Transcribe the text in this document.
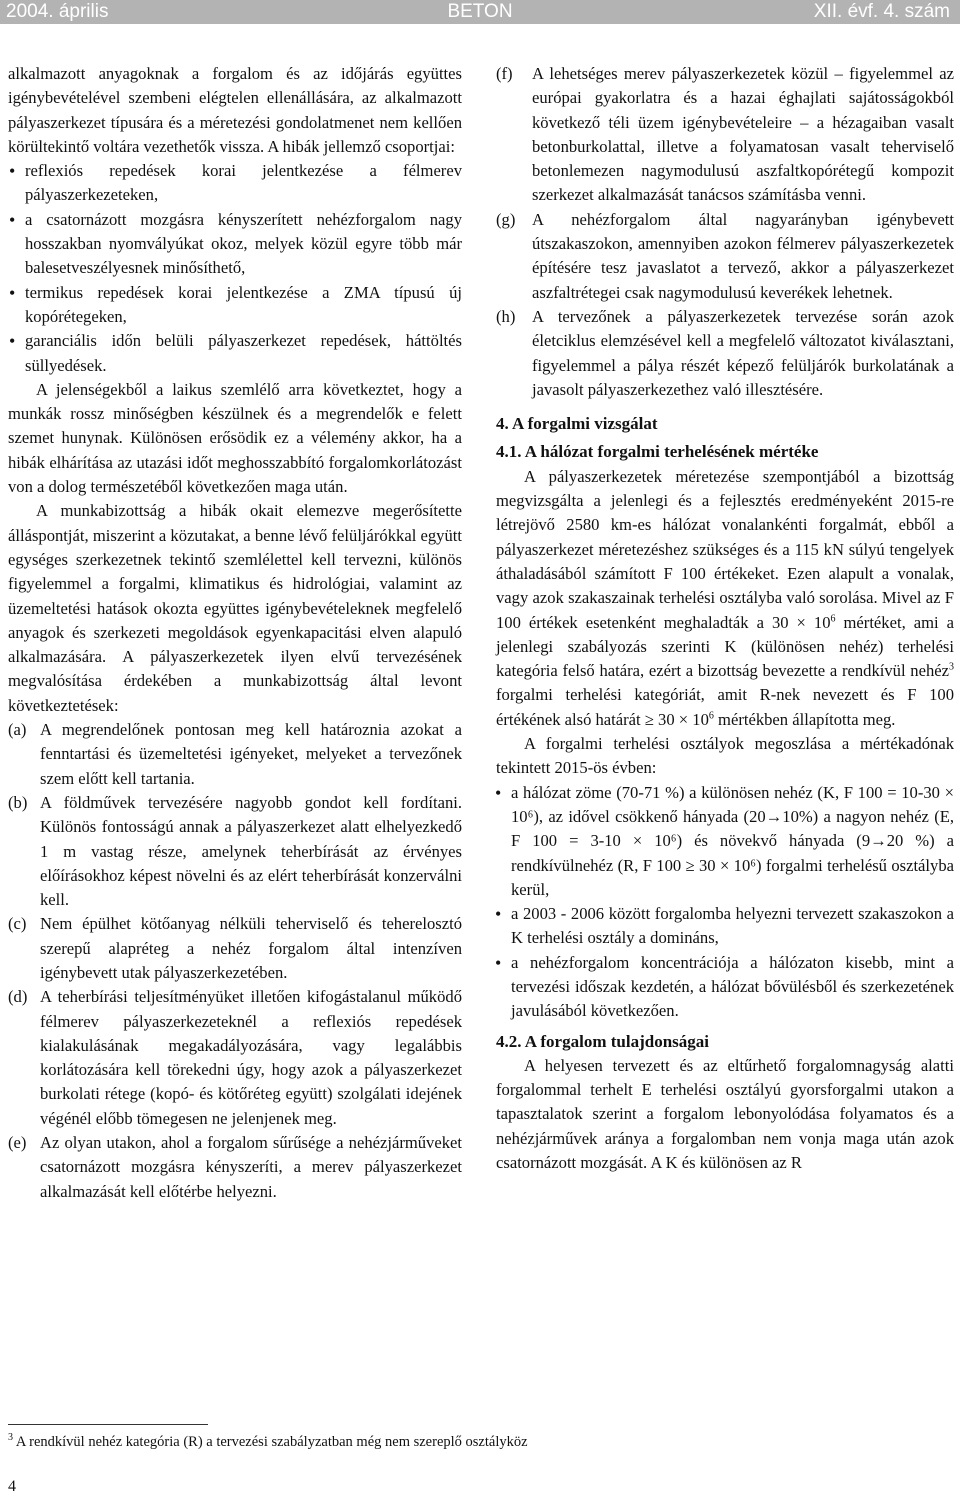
2004. április	BETON	XII. évf. 4. szám

alkalmazott anyagoknak a forgalom és az időjárás együttes igénybevételével szembeni elégtelen ellenállására, az alkalmazott pályaszerkezet típusára és a méretezési gondolatmenet nem kellően körültekintő voltára vezethetők vissza. A hibák jellemző csoportjai:

• reflexiós repedések korai jelentkezése a félmerev pályaszerkezeteken,
• a csatornázott mozgásra kényszerített nehézforgalom nagy hosszakban nyomvályúkat okoz, melyek közül egyre több már balesetveszélyesnek minősíthető,
• termikus repedések korai jelentkezése a ZMA típusú új kopórétegeken,
• garanciális időn belüli pályaszerkezet repedések, háttöltés süllyedések.

A jelenségekből a laikus szemlélő arra következtet, hogy a munkák rossz minőségben készülnek és a megrendelők e felett szemet hunynak. Különösen erősödik ez a vélemény akkor, ha a hibák elhárítása az utazási időt meghosszabbító forgalomkorlátozást von a dolog természetéből következően maga után.

A munkabizottság a hibák okait elemezve megerősítette álláspontját, miszerint a közutakat, a benne lévő felüljárókkal együtt egységes szerkezetnek tekintő szemlélettel kell tervezni, különös figyelemmel a forgalmi, klimatikus és hidrológiai, valamint az üzemeltetési hatások okozta együttes igénybevételeknek megfelelő anyagok és szerkezeti megoldások egyenkapacitási elven alapuló alkalmazására. A pályaszerkezetek ilyen elvű tervezésének megvalósítása érdekében a munkabizottság által levont következtetések:

(a) A megrendelőnek pontosan meg kell határoznia azokat a fenntartási és üzemeltetési igényeket, melyeket a tervezőnek szem előtt kell tartania.
(b) A földművek tervezésére nagyobb gondot kell fordítani. Különös fontosságú annak a pályaszerkezet alatt elhelyezkedő 1 m vastag része, amelynek teherbírását az érvényes előírásokhoz képest növelni és az elért teherbírását konzerválni kell.
(c) Nem épülhet kötőanyag nélküli teherviselő és teherelosztó szerepű alapréteg a nehéz forgalom által intenzíven igénybevett utak pályaszerkezetében.
(d) A teherbírási teljesítményüket illetően kifogástalanul működő félmerev pályaszerkezeteknél a reflexiós repedések kialakulásának megakadályozására, vagy legalábbis korlátozására kell törekedni úgy, hogy azok a pályaszerkezet burkolati rétege (kopó- és kötőréteg együtt) szolgálati idejének végénél előbb tömegesen ne jelenjenek meg.
(e) Az olyan utakon, ahol a forgalom sűrűsége a nehézjárműveket csatornázott mozgásra kényszeríti, a merev pályaszerkezet alkalmazását kell előtérbe helyezni.
(f) A lehetséges merev pályaszerkezetek közül – figyelemmel az európai gyakorlatra és a hazai éghajlati sajátosságokból következő téli üzem igénybevételeire – a hézagaiban vasalt betonburkolattal, illetve a folyamatosan vasalt teherviselő betonlemezen nagymodulusú aszfaltkopórétegű kompozit szerkezet alkalmazását tanácsos számításba venni.
(g) A nehézforgalom által nagyarányban igénybevett útszakaszokon, amennyiben azokon félmerev pályaszerkezetek építésére tesz javaslatot a tervező, akkor a pályaszerkezet aszfaltrétegei csak nagymodulusú keverékek lehetnek.
(h) A tervezőnek a pályaszerkezetek tervezése során azok életciklus elemzésével kell a megfelelő változatot kiválasztani, figyelemmel a pálya részét képező felüljárók burkolatának a javasolt pályaszerkezethez való illesztésére.
4. A forgalmi vizsgálat
4.1. A hálózat forgalmi terhelésének mértéke

A pályaszerkezetek méretezése szempontjából a bizottság megvizsgálta a jelenlegi és a fejlesztés eredményeként 2015-re létrejövő 2580 km-es hálózat vonalankénti forgalmát, ebből a pályaszerkezet méretezéshez szükséges és a 115 kN súlyú tengelyek áthaladásából számított F 100 értékeket. Ezen alapult a vonalak, vagy azok szakaszainak terhelési osztályba való sorolása. Mivel az F 100 értékek esetenként meghaladták a $30 \times 10^6$ mértéket, ami a jelenlegi szabályozás szerinti K (különösen nehéz) terhelési kategória felső határa, ezért a bizottság bevezette a rendkívül nehéz$^3$ forgalmi terhelési kategóriát, amit R-nek nevezett és F 100 értékének alsó határát ≥ $30 \times 10^6$ mértékben állapította meg.

A forgalmi terhelési osztályok megoszlása a mértékadónak tekintett 2015-ös évben:

• a hálózat zöme (70-71 %) a különösen nehéz (K, F 100 = 10-30 × 10⁶), az idővel csökkenő hányada (20→10%) a nagyon nehéz (E, F 100 = 3-10 × 10⁶) és növekvő hányada (9→20 %) a rendkívülnehéz (R, F 100 ≥ 30 × 10⁶) forgalmi terhelésű osztályba kerül,
• a 2003 - 2006 között forgalomba helyezni tervezett szakaszokon a K terhelési osztály a domináns,
• a nehézforgalom koncentrációja a hálózaton kisebb, mint a tervezési időszak kezdetén, a hálózat bővülésből és szerkezetének javulásából következően.
4.2. A forgalom tulajdonságai

A helyesen tervezett és az eltűrhető forgalomnagyság alatti forgalommal terhelt E terhelési osztályú gyorsforgalmi utakon a tapasztalatok szerint a forgalom lebonyolódása folyamatos és a nehézjárművek aránya a forgalomban nem vonja maga után azok csatornázott mozgását. A K és különösen az R

$^3$ A rendkívül nehéz kategória (R) a tervezési szabályzatban még nem szereplő osztályköz
4
